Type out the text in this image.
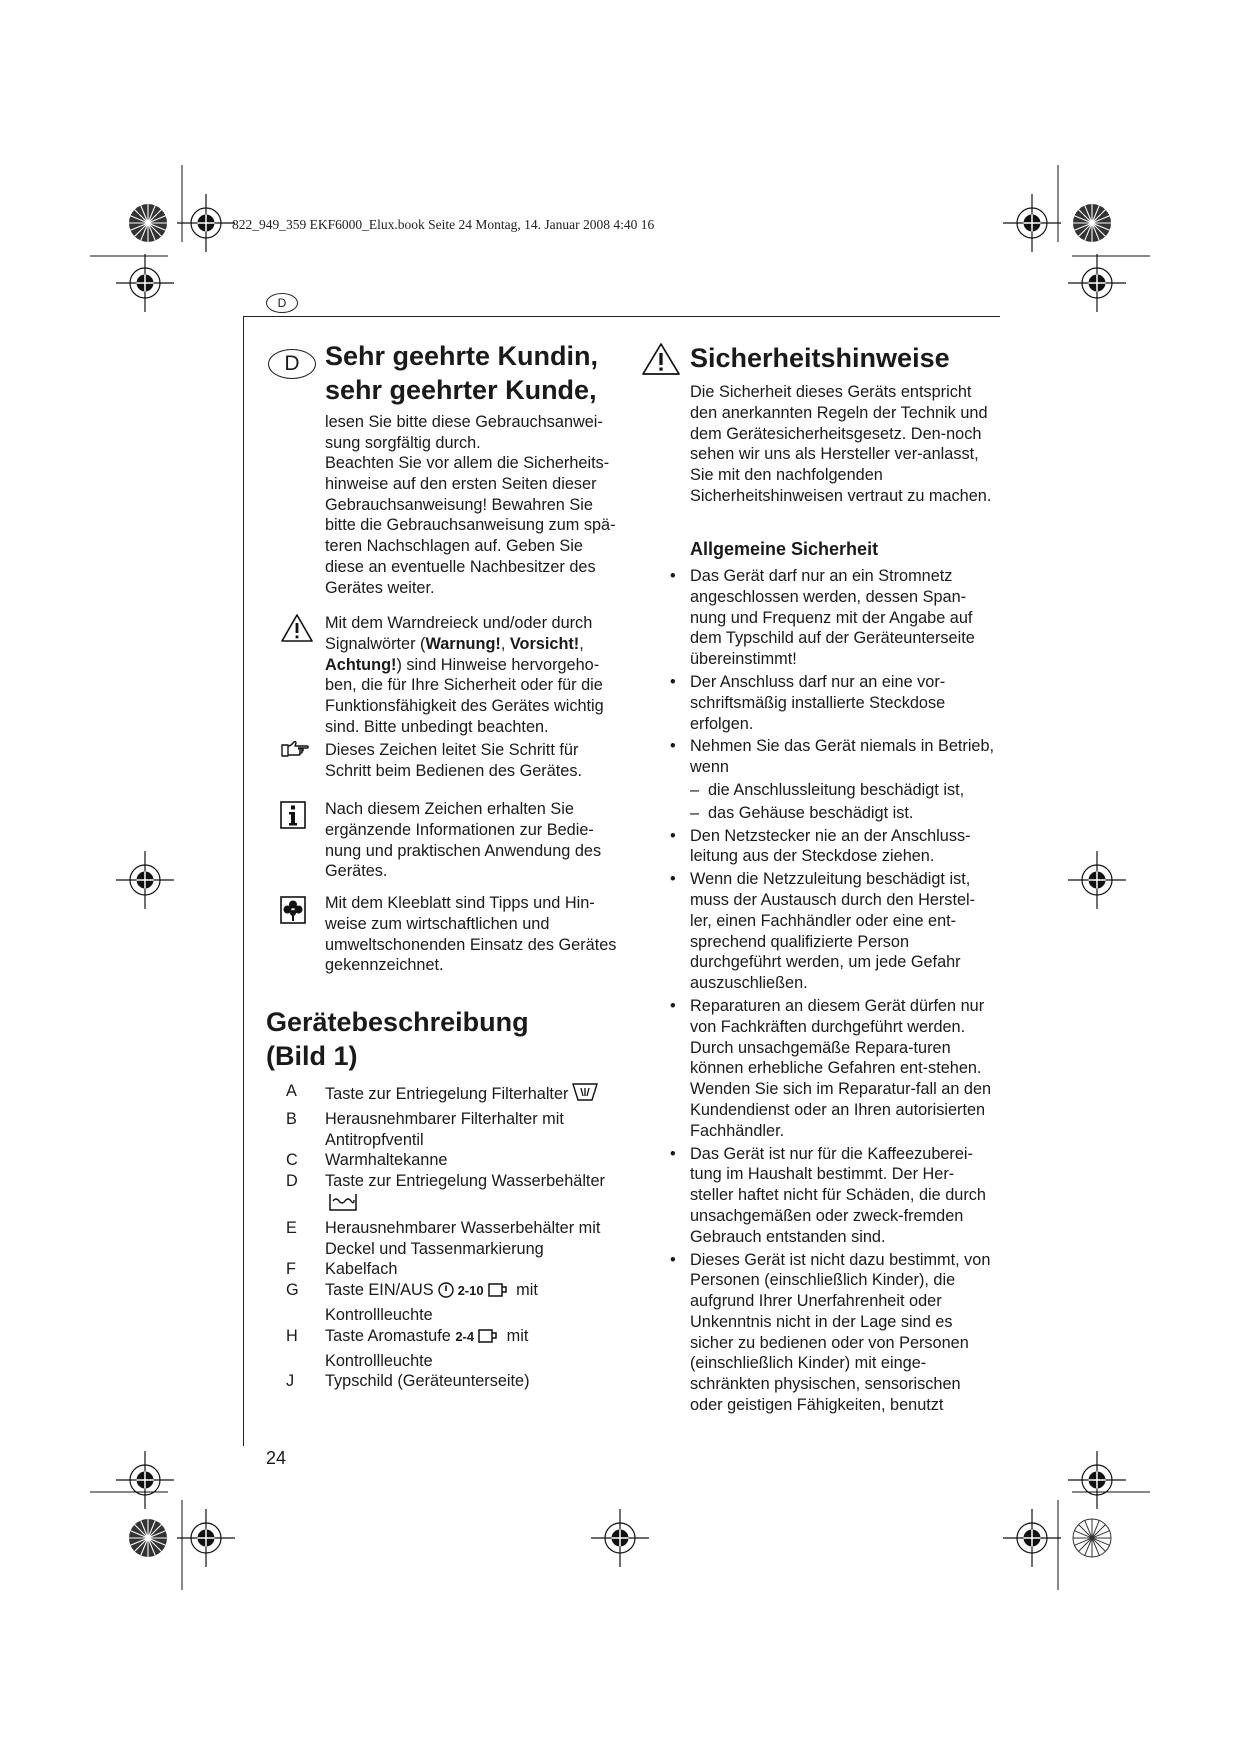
822_949_359 EKF6000_Elux.book Seite 24 Montag, 14. Januar 2008 4:40 16
D
D Sehr geehrte Kundin,
sehr geehrter Kunde,

lesen Sie bitte diese Gebrauchsanwei-sung sorgfältig durch.

Beachten Sie vor allem die Sicherheits-hinweise auf den ersten Seiten dieser Gebrauchsanweisung! Bewahren Sie bitte die Gebrauchsanweisung zum spä-teren Nachschlagen auf. Geben Sie diese an eventuelle Nachbesitzer des Gerätes weiter.

Mit dem Warndreieck und/oder durch Signalwörter (Warnung!, Vorsicht!, Achtung!) sind Hinweise hervorgeho-ben, die für Ihre Sicherheit oder für die Funktionsfähigkeit des Gerätes wichtig sind. Bitte unbedingt beachten.

Dieses Zeichen leitet Sie Schritt für Schritt beim Bedienen des Gerätes.

Nach diesem Zeichen erhalten Sie ergänzende Informationen zur Bedie-nung und praktischen Anwendung des Gerätes.

Mit dem Kleeblatt sind Tipps und Hin-weise zum wirtschaftlichen und umweltschonenden Einsatz des Gerätes gekennzeichnet.

Gerätebeschreibung
(Bild 1)
A	Taste zur Entriegelung Filterhalter
B	Herausnehmbarer Filterhalter mit Antitropfventil
C	Warmhaltekanne
D	Taste zur Entriegelung Wasserbehälter
E	Herausnehmbarer Wasserbehälter mit Deckel und Tassenmarkierung
F	Kabelfach
G	Taste EIN/AUS 2-10 mit
Kontrollleuchte
H	Taste Aromastufe 2-4 mit
Kontrollleuchte
J	Typschild (Geräteunterseite)
Sicherheitshinweise

Die Sicherheit dieses Geräts entspricht den anerkannten Regeln der Technik und dem Gerätesicherheitsgesetz. Den-noch sehen wir uns als Hersteller ver-anlasst, Sie mit den nachfolgenden Sicherheitshinweisen vertraut zu machen.

Allgemeine Sicherheit
• Das Gerät darf nur an ein Stromnetz angeschlossen werden, dessen Span-nung und Frequenz mit der Angabe auf dem Typschild auf der Geräteunterseite übereinstimmt!
• Der Anschluss darf nur an eine vor-schriftsmäßig installierte Steckdose erfolgen.
• Nehmen Sie das Gerät niemals in Betrieb, wenn
– die Anschlussleitung beschädigt ist,
– das Gehäuse beschädigt ist.
• Den Netzstecker nie an der Anschluss-leitung aus der Steckdose ziehen.
• Wenn die Netzzuleitung beschädigt ist, muss der Austausch durch den Herstel-ler, einen Fachhändler oder eine ent-sprechend qualifizierte Person durchgeführt werden, um jede Gefahr auszuschließen.
• Reparaturen an diesem Gerät dürfen nur von Fachkräften durchgeführt werden. Durch unsachgemäße Repara-turen können erhebliche Gefahren ent-stehen. Wenden Sie sich im Reparatur-fall an den Kundendienst oder an Ihren autorisierten Fachhändler.
• Das Gerät ist nur für die Kaffeezuberei-tung im Haushalt bestimmt. Der Her-steller haftet nicht für Schäden, die durch unsachgemäßen oder zweck-fremden Gebrauch entstanden sind.
• Dieses Gerät ist nicht dazu bestimmt, von Personen (einschließlich Kinder), die aufgrund Ihrer Unerfahrenheit oder Unkenntnis nicht in der Lage sind es sicher zu bedienen oder von Personen (einschließlich Kinder) mit einge-schränkten physischen, sensorischen oder geistigen Fähigkeiten, benutzt
24
